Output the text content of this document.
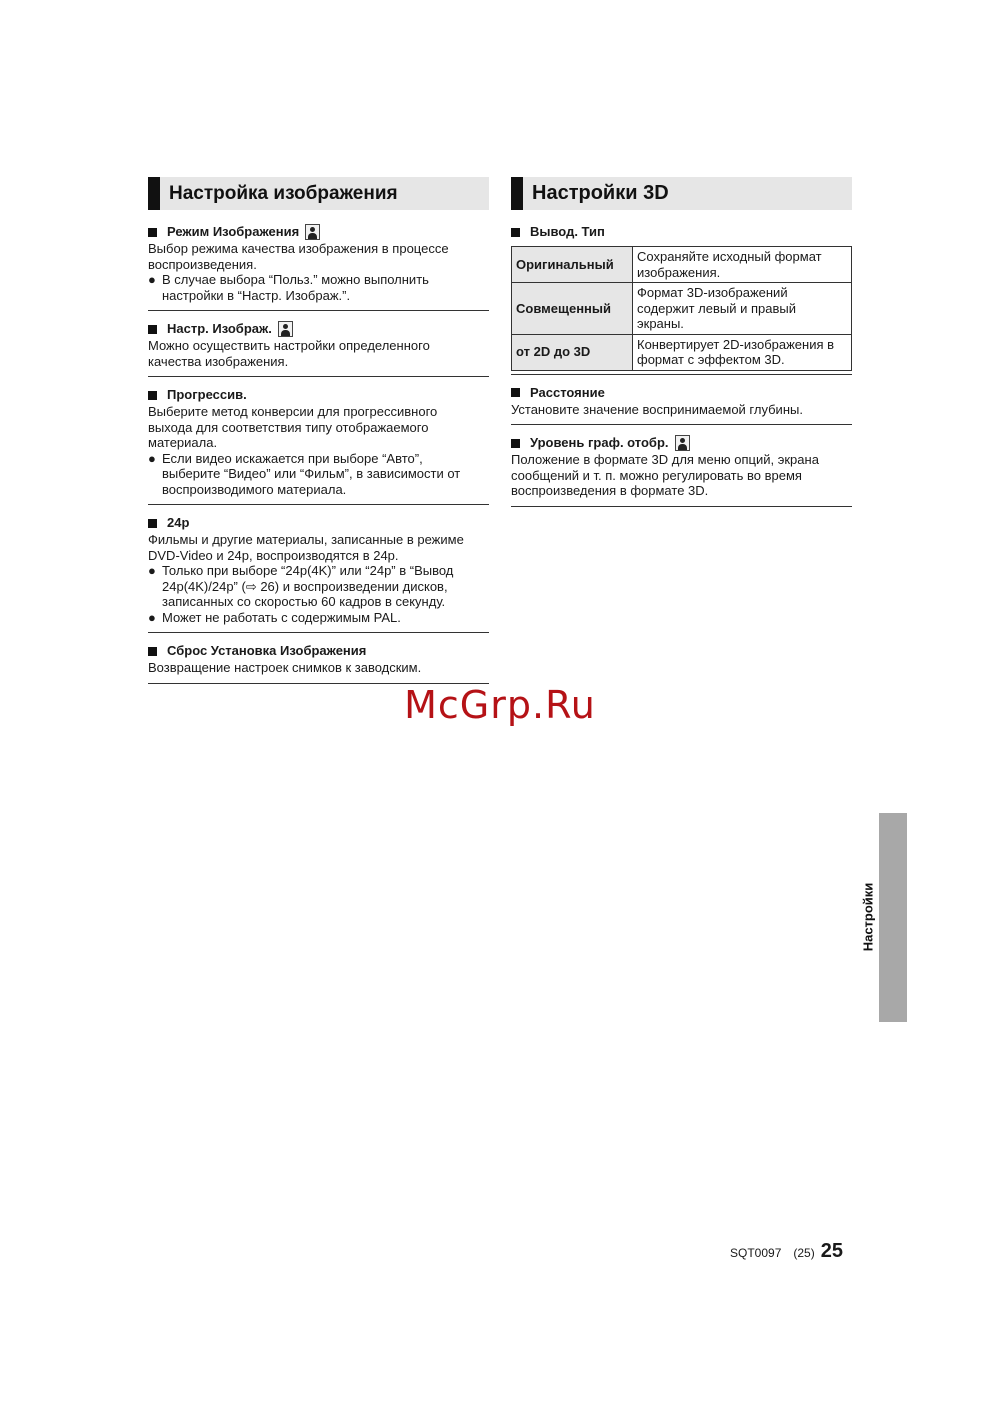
Настройка изображения
Режим Изображения
Выбор режима качества изображения в процессе
воспроизведения.
● В случае выбора “Польз.” можно выполнить
настройки в “Настр. Изображ.”.
Настр. Изображ.
Можно осуществить настройки определенного
качества изображения.
Прогрессив.
Выберите метод конверсии для прогрессивного
выхода для соответствия типу отображаемого
материала.
● Если видео искажается при выборе “Авто”,
выберите “Видео” или “Фильм”, в зависимости от
воспроизводимого материала.
24p
Фильмы и другие материалы, записанные в режиме
DVD-Video и 24p, воспроизводятся в 24p.
● Только при выборе “24p(4K)” или “24p” в “Вывод
24p(4K)/24p” (⇨ 26) и воспроизведении дисков,
записанных со скоростью 60 кадров в секунду.
● Может не работать с содержимым PAL.
Сброс Установка Изображения
Возвращение настроек снимков к заводским.
Настройки 3D
Вывод. Тип
Оригинальный	Сохраняйте исходный формат
изображения.

Совмещенный	Формат 3D-изображений
содержит левый и правый
экраны.

от 2D до 3D	Конвертирует 2D-изображения в
формат с эффектом 3D.
Расстояние
Установите значение воспринимаемой глубины.
Уровень граф. отобр.
Положение в формате 3D для меню опций, экрана
сообщений и т. п. можно регулировать во время
воспроизведения в формате 3D.
McGrp.Ru
Настройки
SQT0097 (25) 25
